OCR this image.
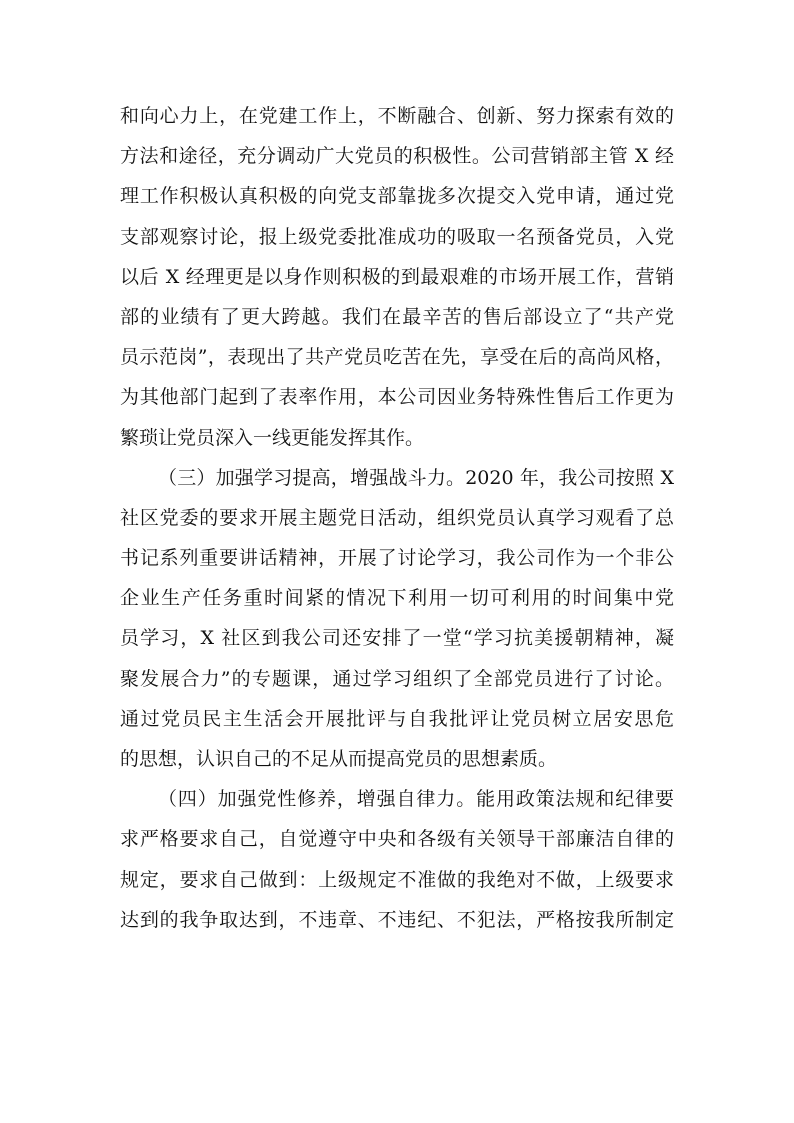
和向心力上，在党建工作上，不断融合、创新、努力探索有效的
方法和途径，充分调动广大党员的积极性。公司营销部主管 X 经
理工作积极认真积极的向党支部靠拢多次提交入党申请，通过党
支部观察讨论，报上级党委批准成功的吸取一名预备党员，入党
以后 X 经理更是以身作则积极的到最艰难的市场开展工作，营销
部的业绩有了更大跨越。我们在最辛苦的售后部设立了“共产党
员示范岗”，表现出了共产党员吃苦在先，享受在后的高尚风格，
为其他部门起到了表率作用，本公司因业务特殊性售后工作更为
繁琐让党员深入一线更能发挥其作。
（三）加强学习提高，增强战斗力。2020 年，我公司按照 X
社区党委的要求开展主题党日活动，组织党员认真学习观看了总
书记系列重要讲话精神，开展了讨论学习，我公司作为一个非公
企业生产任务重时间紧的情况下利用一切可利用的时间集中党
员学习，X 社区到我公司还安排了一堂“学习抗美援朝精神，凝
聚发展合力”的专题课，通过学习组织了全部党员进行了讨论。
通过党员民主生活会开展批评与自我批评让党员树立居安思危
的思想，认识自己的不足从而提高党员的思想素质。
（四）加强党性修养，增强自律力。能用政策法规和纪律要
求严格要求自己，自觉遵守中央和各级有关领导干部廉洁自律的
规定，要求自己做到：上级规定不准做的我绝对不做，上级要求
达到的我争取达到，不违章、不违纪、不犯法，严格按我所制定
